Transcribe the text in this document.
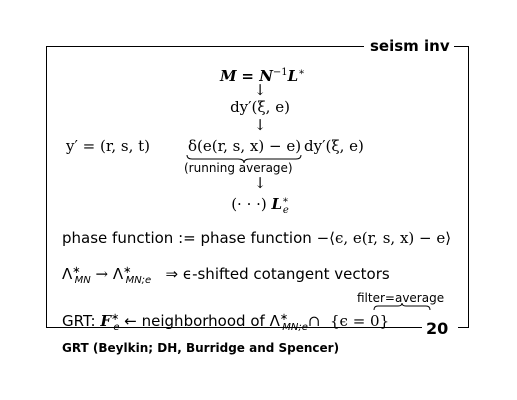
seism inv
$M = N^{-1}L^∗$
↓
dy′(ξ, e)
↓
y′ = (r, s, t)	δ(e(r, s, x) − e) dy′(ξ, e)
(running average)
↓
(· · ·) $L^∗_e$
phase function := phase function −⟨ϵ, e(r, s, x) − e⟩
$\Lambda^∗_{MN} \to \Lambda^∗_{MN;e}$ ⇒ ϵ-shifted cotangent vectors
filter=average
GRT: $F^∗_e$ ← neighborhood of $\Lambda^∗_{MN;e}\cap$ {ϵ = 0} 20
GRT (Beylkin; DH, Burridge and Spencer)
